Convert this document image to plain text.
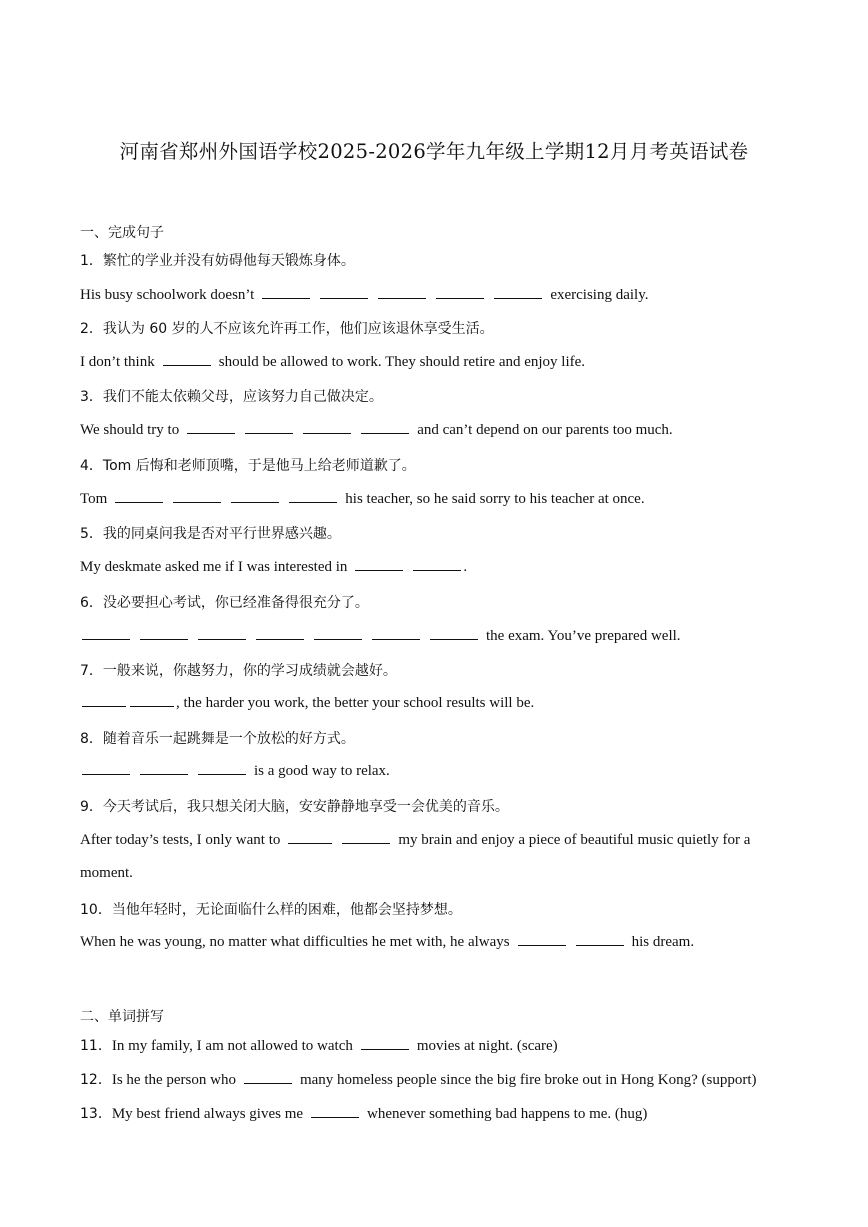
河南省郑州外国语学校2025-2026学年九年级上学期12月月考英语试卷
一、完成句子
1．繁忙的学业并没有妨碍他每天锻炼身体。
His busy schoolwork doesn’t	exercising daily.
2．我认为 60 岁的人不应该允许再工作，他们应该退休享受生活。
I don’t think	should be allowed to work. They should retire and enjoy life.
3．我们不能太依赖父母，应该努力自己做决定。
We should try to	and can’t depend on our parents too much.
4．Tom 后悔和老师顶嘴，于是他马上给老师道歉了。
Tom	his teacher, so he said sorry to his teacher at once.
5．我的同桌问我是否对平行世界感兴趣。
My deskmate asked me if I was interested in	.
6．没必要担心考试，你已经准备得很充分了。
the exam. You’ve prepared well.
7．一般来说，你越努力，你的学习成绩就会越好。
, the harder you work, the better your school results will be.
8．随着音乐一起跳舞是一个放松的好方式。
is a good way to relax.
9．今天考试后，我只想关闭大脑，安安静静地享受一会优美的音乐。
After today’s tests, I only want to	my brain and enjoy a piece of beautiful music quietly for a
moment.
10．当他年轻时，无论面临什么样的困难，他都会坚持梦想。
When he was young, no matter what difficulties he met with, he always	his dream.
二、单词拼写
11．In my family, I am not allowed to watch	movies at night. (scare)
12．Is he the person who	many homeless people since the big fire broke out in Hong Kong? (support)
13．My best friend always gives me	whenever something bad happens to me. (hug)
